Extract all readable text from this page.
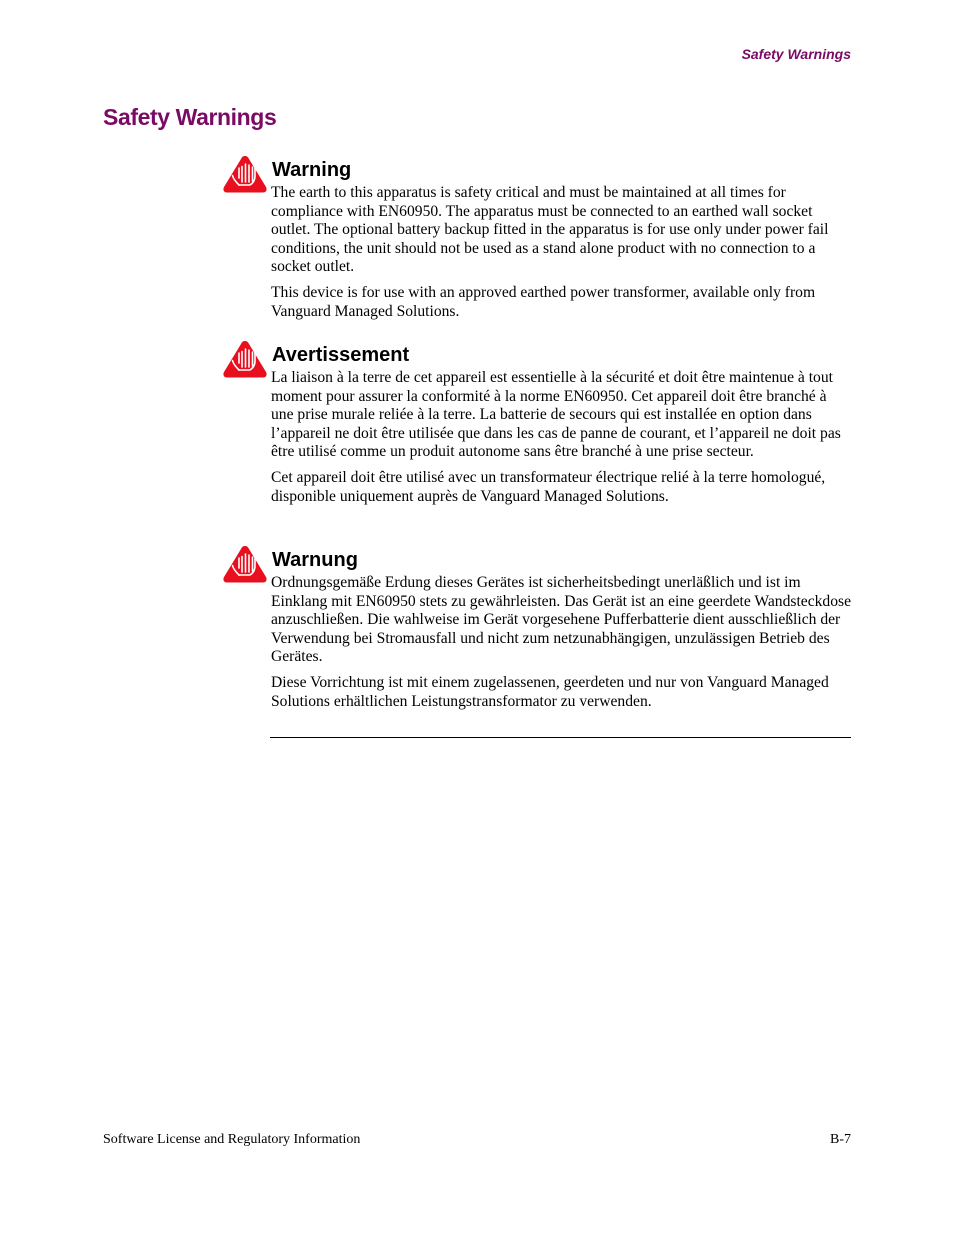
Safety Warnings
Safety Warnings
Warning

The earth to this apparatus is safety critical and must be maintained at all times for compliance with EN60950. The apparatus must be connected to an earthed wall socket outlet. The optional battery backup fitted in the apparatus is for use only under power fail conditions, the unit should not be used as a stand alone product with no connection to a socket outlet.

This device is for use with an approved earthed power transformer, available only from Vanguard Managed Solutions.

Avertissement

La liaison à la terre de cet appareil est essentielle à la sécurité et doit être maintenue à tout moment pour assurer la conformité à la norme EN60950. Cet appareil doit être branché à une prise murale reliée à la terre. La batterie de secours qui est installée en option dans l’appareil ne doit être utilisée que dans les cas de panne de courant, et l’appareil ne doit pas être utilisé comme un produit autonome sans être branché à une prise secteur.

Cet appareil doit être utilisé avec un transformateur électrique relié à la terre homologué, disponible uniquement auprès de Vanguard Managed Solutions.

Warnung

Ordnungsgemäße Erdung dieses Gerätes ist sicherheitsbedingt unerläßlich und ist im Einklang mit EN60950 stets zu gewährleisten. Das Gerät ist an eine geerdete Wandsteckdose anzuschließen. Die wahlweise im Gerät vorgesehene Pufferbatterie dient ausschließlich der Verwendung bei Stromausfall und nicht zum netzunabhängigen, unzulässigen Betrieb des Gerätes.

Diese Vorrichtung ist mit einem zugelassenen, geerdeten und nur von Vanguard Managed Solutions erhältlichen Leistungstransformator zu verwenden.

Software License and Regulatory Information	B-7
